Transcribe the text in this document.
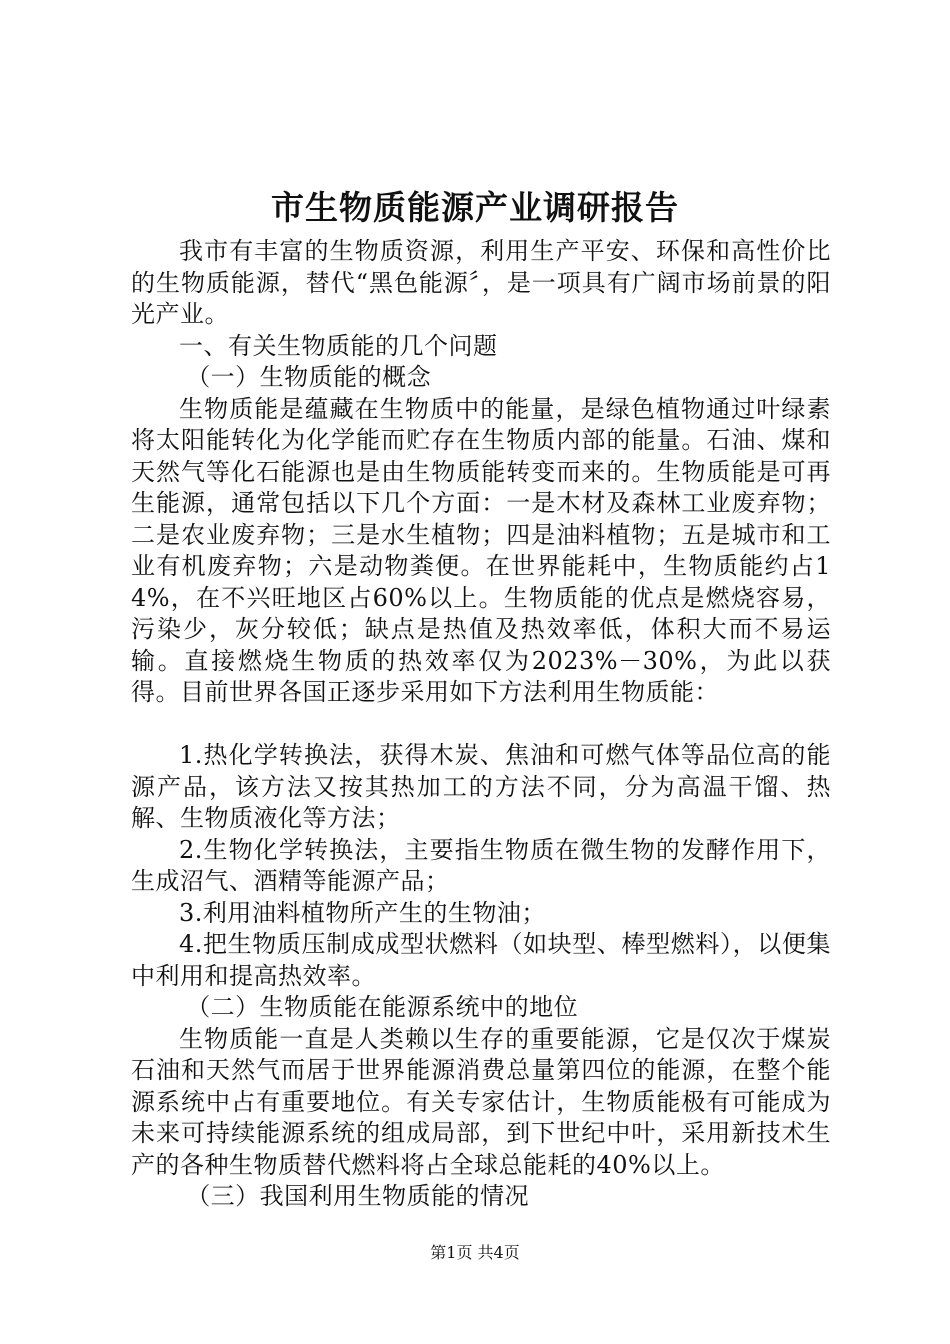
市生物质能源产业调研报告

我市有丰富的生物质资源，利用生产平安、环保和高性价比的生物质能源，替代“黑色能源〞，是一项具有广阔市场前景的阳光产业。

一、有关生物质能的几个问题

（一）生物质能的概念

生物质能是蕴藏在生物质中的能量，是绿色植物通过叶绿素将太阳能转化为化学能而贮存在生物质内部的能量。石油、煤和天然气等化石能源也是由生物质能转变而来的。生物质能是可再生能源，通常包括以下几个方面：一是木材及森林工业废弃物；二是农业废弃物；三是水生植物；四是油料植物；五是城市和工业有机废弃物；六是动物粪便。在世界能耗中，生物质能约占14%，在不兴旺地区占60%以上。生物质能的优点是燃烧容易，污染少，灰分较低；缺点是热值及热效率低，体积大而不易运输。直接燃烧生物质的热效率仅为2023%－30%，为此以获得。目前世界各国正逐步采用如下方法利用生物质能：

1.热化学转换法，获得木炭、焦油和可燃气体等品位高的能源产品，该方法又按其热加工的方法不同，分为高温干馏、热解、生物质液化等方法；

2.生物化学转换法，主要指生物质在微生物的发酵作用下，生成沼气、酒精等能源产品；

3.利用油料植物所产生的生物油；

4.把生物质压制成成型状燃料（如块型、棒型燃料），以便集中利用和提高热效率。

（二）生物质能在能源系统中的地位

生物质能一直是人类赖以生存的重要能源，它是仅次于煤炭石油和天然气而居于世界能源消费总量第四位的能源，在整个能源系统中占有重要地位。有关专家估计，生物质能极有可能成为未来可持续能源系统的组成局部，到下世纪中叶，采用新技术生产的各种生物质替代燃料将占全球总能耗的40%以上。

（三）我国利用生物质能的情况

第1页 共4页
